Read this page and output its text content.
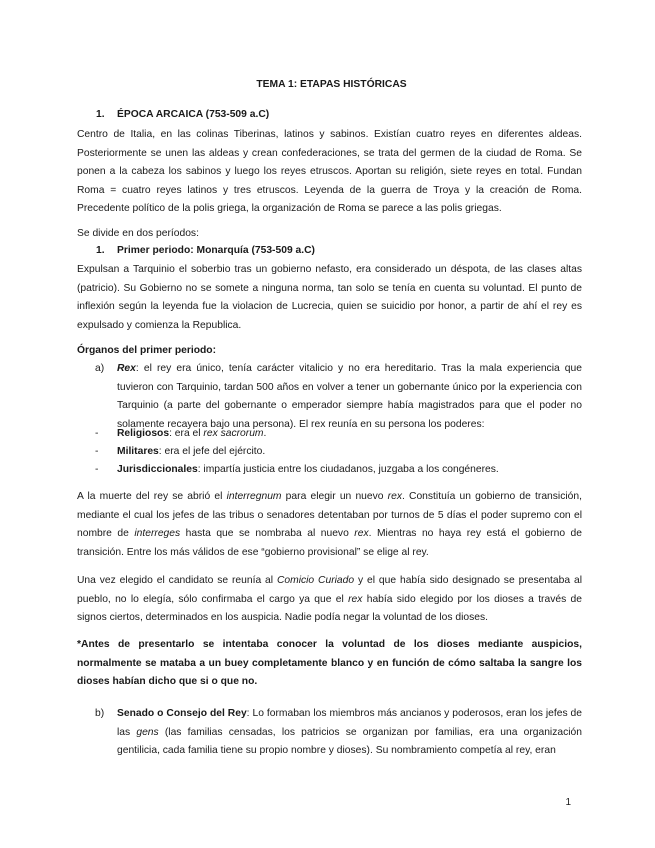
TEMA 1: ETAPAS HISTÓRICAS
1. ÉPOCA ARCAICA (753-509 a.C)
Centro de Italia, en las colinas Tiberinas, latinos y sabinos. Existían cuatro reyes en diferentes aldeas. Posteriormente se unen las aldeas y crean confederaciones, se trata del germen de la ciudad de Roma. Se ponen a la cabeza los sabinos y luego los reyes etruscos. Aportan su religión, siete reyes en total. Fundan Roma = cuatro reyes latinos y tres etruscos. Leyenda de la guerra de Troya y la creación de Roma. Precedente político de la polis griega, la organización de Roma se parece a las polis griegas.
Se divide en dos períodos:
1. Primer periodo: Monarquía (753-509 a.C)
Expulsan a Tarquinio el soberbio tras un gobierno nefasto, era considerado un déspota, de las clases altas (patricio). Su Gobierno no se somete a ninguna norma, tan solo se tenía en cuenta su voluntad. El punto de inflexión según la leyenda fue la violacion de Lucrecia, quien se suicidio por honor, a partir de ahí el rey es expulsado y comienza la Republica.
Órganos del primer periodo:
a) Rex: el rey era único, tenía carácter vitalicio y no era hereditario. Tras la mala experiencia que tuvieron con Tarquinio, tardan 500 años en volver a tener un gobernante único por la experiencia con Tarquinio (a parte del gobernante o emperador siempre había magistrados para que el poder no solamente recayera bajo una persona). El rex reunía en su persona los poderes:
- Religiosos: era el rex sacrorum.
- Militares: era el jefe del ejército.
- Jurisdiccionales: impartía justicia entre los ciudadanos, juzgaba a los congéneres.
A la muerte del rey se abrió el interregnum para elegir un nuevo rex. Constituía un gobierno de transición, mediante el cual los jefes de las tribus o senadores detentaban por turnos de 5 días el poder supremo con el nombre de interreges hasta que se nombraba al nuevo rex. Mientras no haya rey está el gobierno de transición. Entre los más válidos de ese “gobierno provisional” se elige al rey.
Una vez elegido el candidato se reunía al Comicio Curiado y el que había sido designado se presentaba al pueblo, no lo elegía, sólo confirmaba el cargo ya que el rex había sido elegido por los dioses a través de signos ciertos, determinados en los auspicia. Nadie podía negar la voluntad de los dioses.
*Antes de presentarlo se intentaba conocer la voluntad de los dioses mediante auspicios, normalmente se mataba a un buey completamente blanco y en función de cómo saltaba la sangre los dioses habían dicho que si o que no.
b) Senado o Consejo del Rey: Lo formaban los miembros más ancianos y poderosos, eran los jefes de las gens (las familias censadas, los patricios se organizan por familias, era una organización gentilicia, cada familia tiene su propio nombre y dioses). Su nombramiento competía al rey, eran
1
